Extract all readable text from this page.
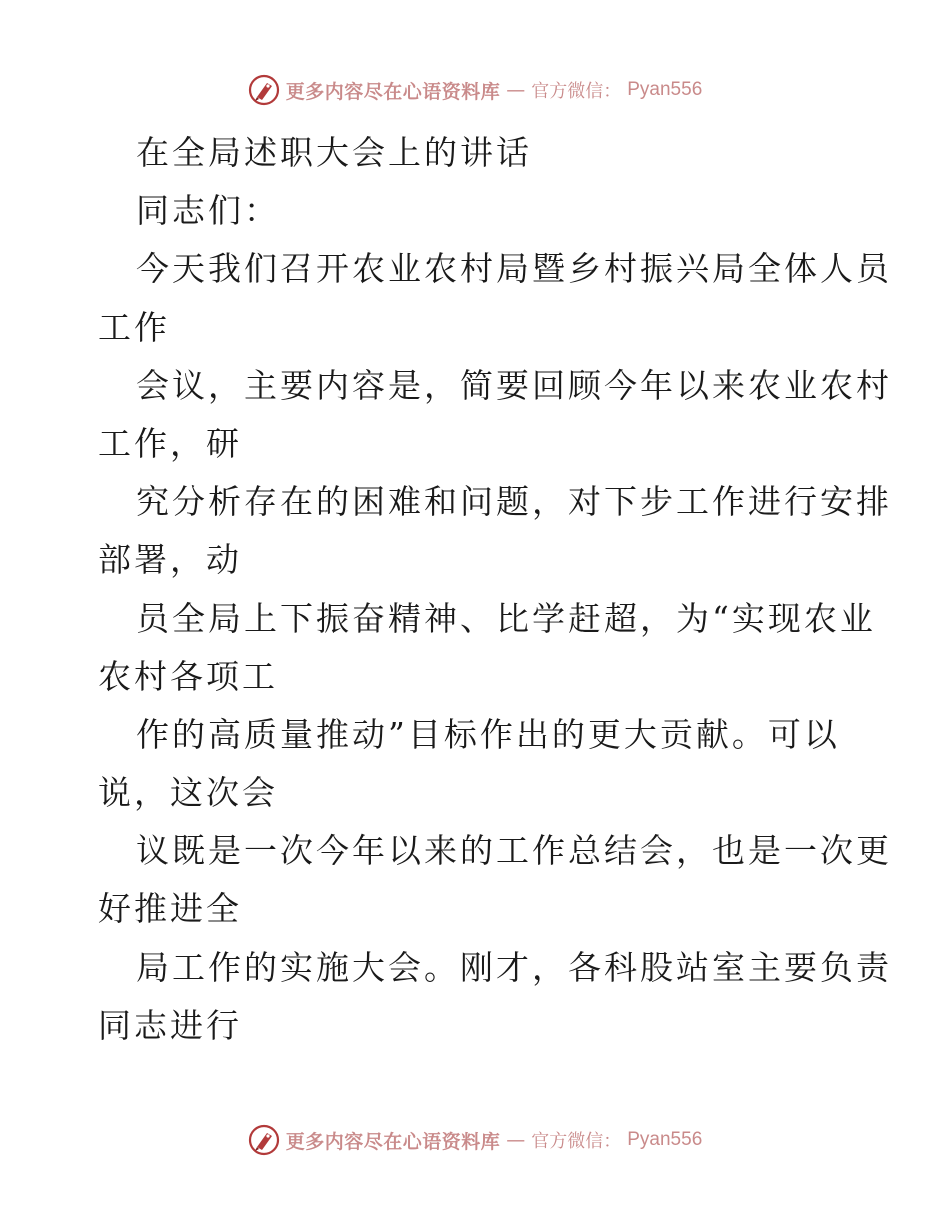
更多内容尽在心语资料库 — 官方微信： Pyan556
在全局述职大会上的讲话
同志们：
今天我们召开农业农村局暨乡村振兴局全体人员
工作
会议，主要内容是，简要回顾今年以来农业农村
工作，研
究分析存在的困难和问题，对下步工作进行安排
部署，动
员全局上下振奋精神、比学赶超，为“实现农业
农村各项工
作的高质量推动”目标作出的更大贡献。可以
说，这次会
议既是一次今年以来的工作总结会，也是一次更
好推进全
局工作的实施大会。刚才，各科股站室主要负责
同志进行
更多内容尽在心语资料库 — 官方微信： Pyan556
